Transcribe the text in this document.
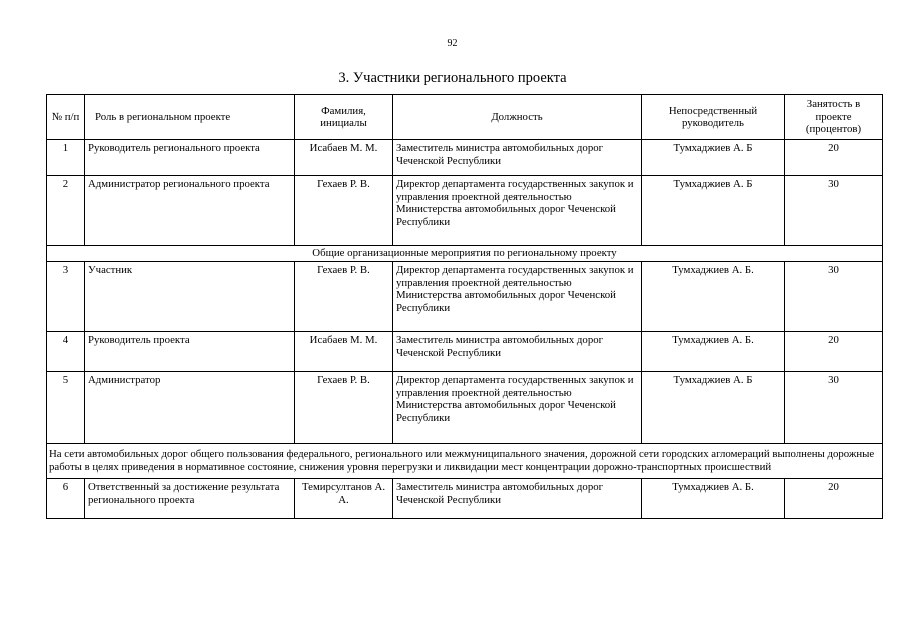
92
3. Участники регионального проекта
№ п/п	Роль в региональном проекте	Фамилия, инициалы	Должность	Непосредственный руководитель	Занятость в проекте (процентов)
1	Руководитель регионального проекта	Исабаев М. М.	Заместитель министра автомобильных дорог Чеченской Республики	Тумхаджиев А. Б	20
2	Администратор регионального проекта	Гехаев Р. В.	Директор департамента государственных закупок и управления проектной деятельностью Министерства автомобильных дорог Чеченской Республики	Тумхаджиев А. Б	30
Общие организационные мероприятия по региональному проекту					
3	Участник	Гехаев Р. В.	Директор департамента государственных закупок и управления проектной деятельностью Министерства автомобильных дорог Чеченской Республики	Тумхаджиев А. Б.	30
4	Руководитель проекта	Исабаев М. М.	Заместитель министра автомобильных дорог Чеченской Республики	Тумхаджиев А. Б.	20
5	Администратор	Гехаев Р. В.	Директор департамента государственных закупок и управления проектной деятельностью Министерства автомобильных дорог Чеченской Республики	Тумхаджиев А. Б	30
На сети автомобильных дорог общего пользования федерального, регионального или межмуниципального значения, дорожной сети городских агломераций выполнены дорожные работы в целях приведения в нормативное состояние, снижения уровня перегрузки и ликвидации мест концентрации дорожно-транспортных происшествий					
6	Ответственный за достижение результата регионального проекта	Темирсултанов А. А.	Заместитель министра автомобильных дорог Чеченской Республики	Тумхаджиев А. Б.	20
